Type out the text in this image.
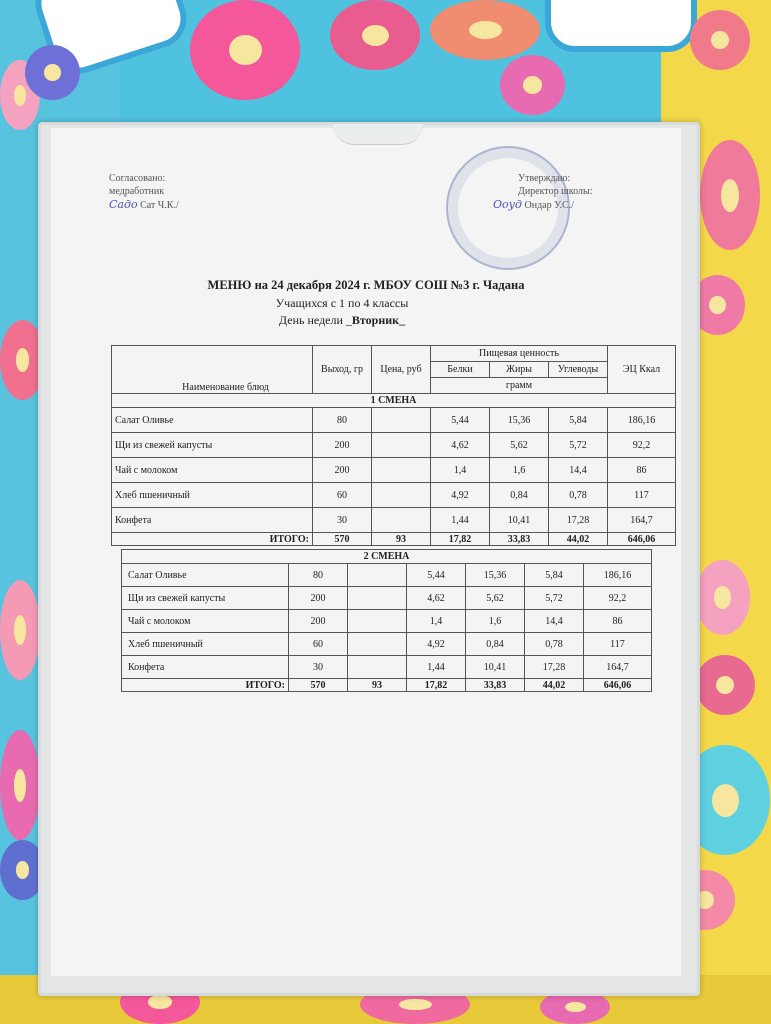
Согласовано:
медработник
Садо Сат Ч.К./
Утверждаю:
Директор школы:
Ооуд Ондар У.С./
МЕНЮ на 24 декабря 2024 г. МБОУ СОШ №3 г. Чадана
Учащихся с 1 по 4 классы
День недели _Вторник_
Наименование блюд	Выход, гр	Цена, руб	Пищевая ценность			ЭЦ Ккал
			Белки	Жиры	Углеводы	
			грамм			
1 СМЕНА						
Салат Оливье	80		5,44	15,36	5,84	186,16
Щи из свежей капусты	200		4,62	5,62	5,72	92,2
Чай с молоком	200		1,4	1,6	14,4	86
Хлеб пшеничный	60		4,92	0,84	0,78	117
Конфета	30		1,44	10,41	17,28	164,7
ИТОГО:	570	93	17,82	33,83	44,02	646,06
2 СМЕНА						
Салат Оливье	80		5,44	15,36	5,84	186,16
Щи из свежей капусты	200		4,62	5,62	5,72	92,2
Чай с молоком	200		1,4	1,6	14,4	86
Хлеб пшеничный	60		4,92	0,84	0,78	117
Конфета	30		1,44	10,41	17,28	164,7
ИТОГО:	570	93	17,82	33,83	44,02	646,06
